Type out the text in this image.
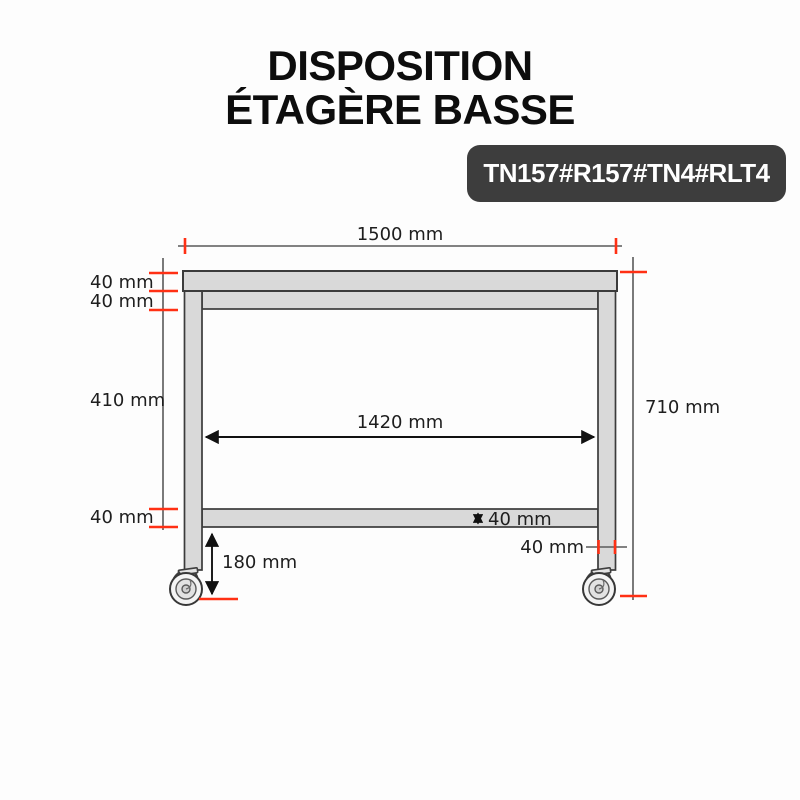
DISPOSITION
ÉTAGÈRE BASSE
TN157#R157#TN4#RLT4
1500 mm
40 mm
40 mm
410 mm
40 mm
710 mm
1420 mm
40 mm
40 mm
180 mm
